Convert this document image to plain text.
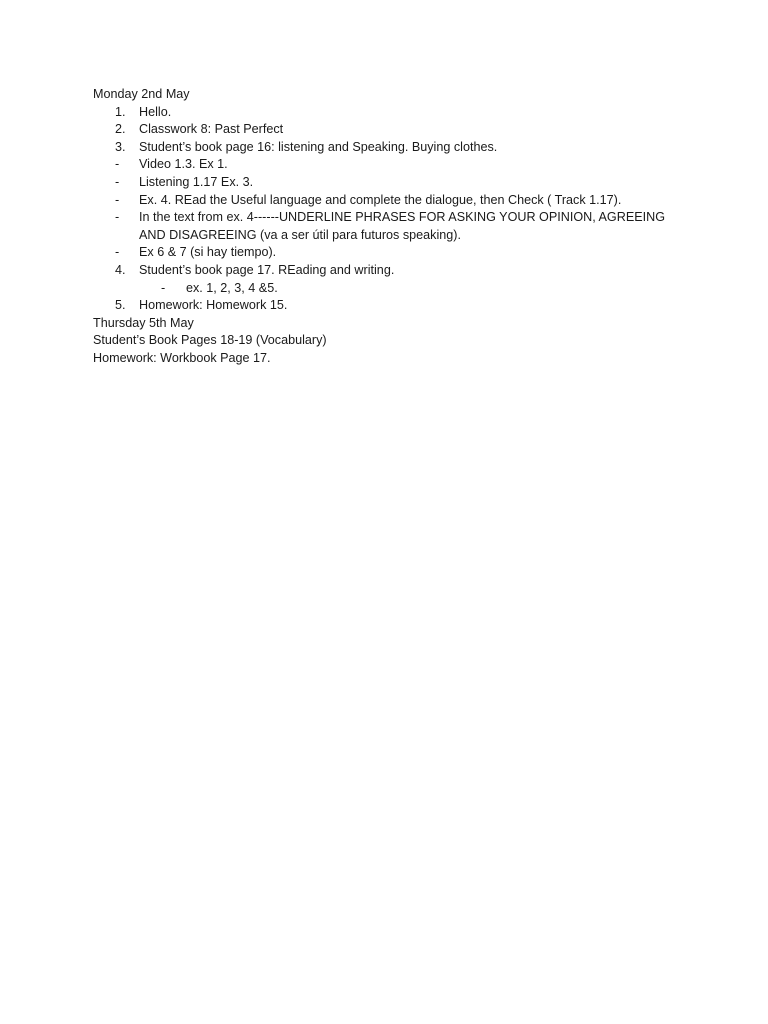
Monday 2nd May
1. Hello.
2. Classwork 8: Past Perfect
3. Student’s book page 16: listening and Speaking. Buying clothes.
- Video 1.3. Ex 1.
- Listening 1.17 Ex. 3.
- Ex. 4. REad the Useful language and complete the dialogue, then Check ( Track 1.17).
- In the text from ex. 4------UNDERLINE PHRASES FOR ASKING YOUR OPINION, AGREEING AND DISAGREEING (va a ser útil para futuros speaking).
- Ex 6 & 7 (si hay tiempo).
4. Student’s book page 17. REading and writing.
- ex. 1, 2, 3, 4 &5.
5. Homework: Homework 15.
Thursday 5th May
Student’s Book Pages 18-19 (Vocabulary)
Homework: Workbook Page 17.
